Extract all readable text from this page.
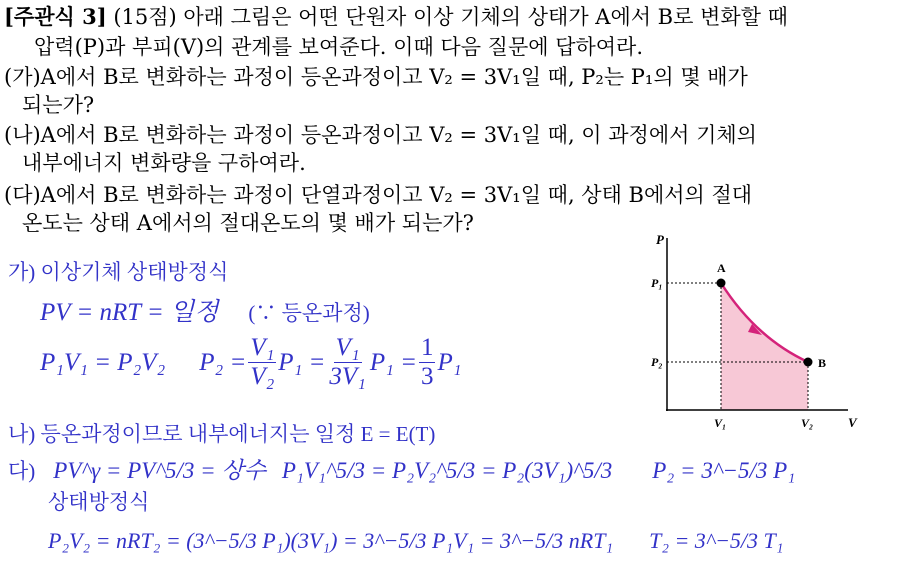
[주관식 3] (15점) 아래 그림은 어떤 단원자 이상 기체의 상태가 A에서 B로 변화할 때
압력(P)과 부피(V)의 관계를 보여준다. 이때 다음 질문에 답하여라.
(가)A에서 B로 변화하는 과정이 등온과정이고 V₂ = 3V₁일 때, P₂는 P₁의 몇 배가
되는가?
(나)A에서 B로 변화하는 과정이 등온과정이고 V₂ = 3V₁일 때, 이 과정에서 기체의
내부에너지 변화량을 구하여라.
(다)A에서 B로 변화하는 과정이 단열과정이고 V₂ = 3V₁일 때, 상태 B에서의 절대
온도는 상태 A에서의 절대온도의 몇 배가 되는가?
가) 이상기체 상태방정식
PV = nRT = 일정 (∵ 등온과정)
P₁V₁ = P₂V₂ $P_2 = \frac{\text{V₁}}{\text{V₂}} P_1 = \frac{\text{V₁}}{\text{3V₁}} P_1 = \frac{1}{3} P_1$
나) 등온과정이므로 내부에너지는 일정 E = E(T)
다) PV^γ = PV^5/3 = 상수 P₁V₁^5/3 = P₂V₂^5/3 = P₂(3V₁)^5/3 P₂ = 3^−5/3 P₁
상태방정식
P₂V₂ = nRT₂ = (3^−5/3 P₁)(3V₁) = 3^−5/3 P₁V₁ = 3^−5/3 nRT₁ T₂ = 3^−5/3 T₁
P
V
P₁
P₂
V₁	V₂
A
B
